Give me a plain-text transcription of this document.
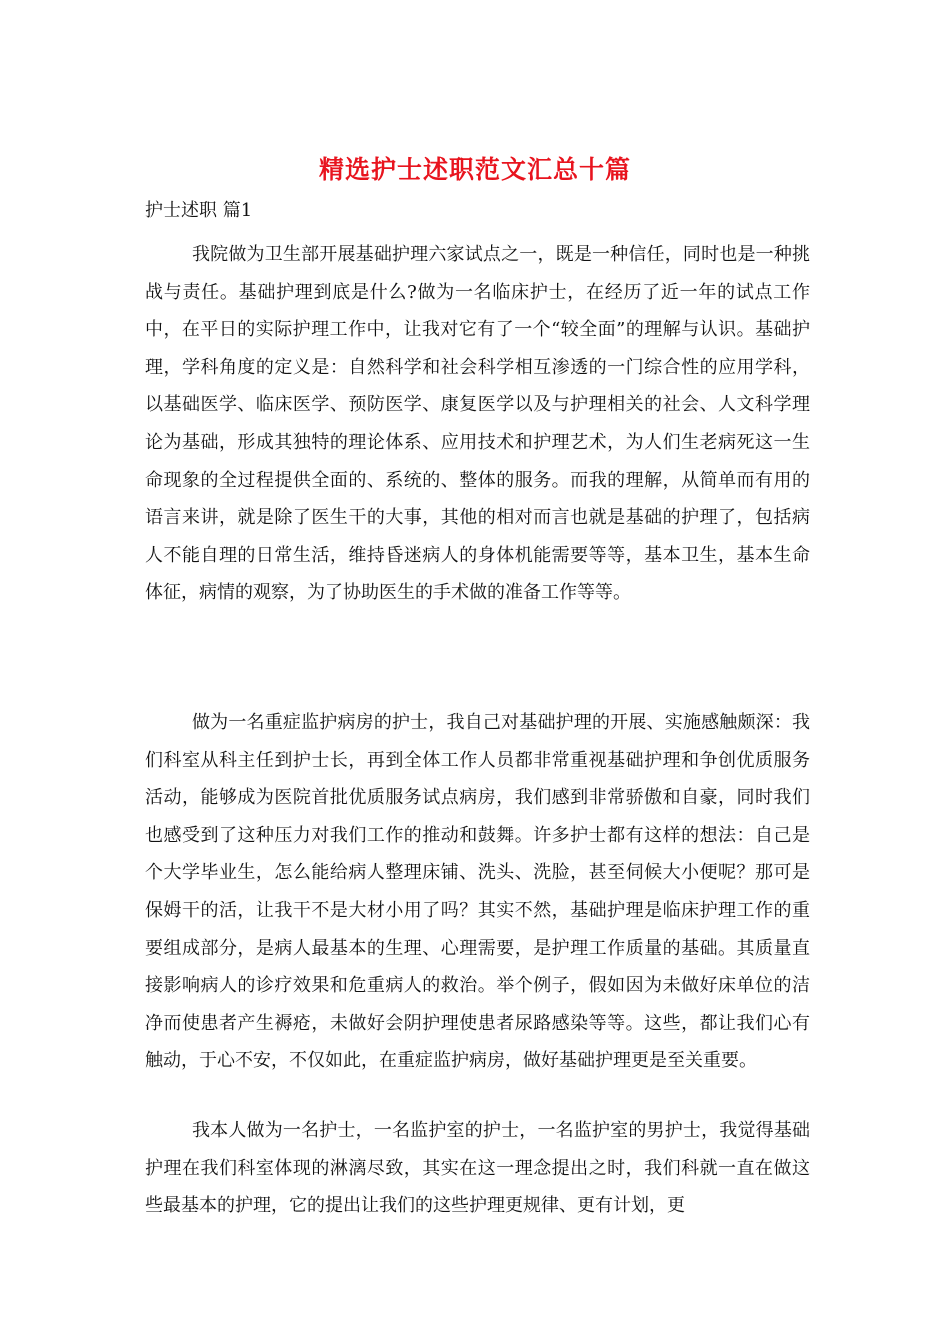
精选护士述职范文汇总十篇
护士述职 篇1

我院做为卫生部开展基础护理六家试点之一，既是一种信任，同时也是一种挑战与责任。基础护理到底是什么?做为一名临床护士，在经历了近一年的试点工作中，在平日的实际护理工作中，让我对它有了一个“较全面”的理解与认识。基础护理，学科角度的定义是：自然科学和社会科学相互渗透的一门综合性的应用学科，以基础医学、临床医学、预防医学、康复医学以及与护理相关的社会、人文科学理论为基础，形成其独特的理论体系、应用技术和护理艺术，为人们生老病死这一生命现象的全过程提供全面的、系统的、整体的服务。而我的理解，从简单而有用的语言来讲，就是除了医生干的大事，其他的相对而言也就是基础的护理了，包括病人不能自理的日常生活，维持昏迷病人的身体机能需要等等，基本卫生，基本生命体征，病情的观察，为了协助医生的手术做的准备工作等等。

做为一名重症监护病房的护士，我自己对基础护理的开展、实施感触颇深：我们科室从科主任到护士长，再到全体工作人员都非常重视基础护理和争创优质服务活动，能够成为医院首批优质服务试点病房，我们感到非常骄傲和自豪，同时我们也感受到了这种压力对我们工作的推动和鼓舞。许多护士都有这样的想法：自己是个大学毕业生，怎么能给病人整理床铺、洗头、洗脸，甚至伺候大小便呢？那可是保姆干的活，让我干不是大材小用了吗？其实不然，基础护理是临床护理工作的重要组成部分，是病人最基本的生理、心理需要，是护理工作质量的基础。其质量直接影响病人的诊疗效果和危重病人的救治。举个例子，假如因为未做好床单位的洁净而使患者产生褥疮，未做好会阴护理使患者尿路感染等等。这些，都让我们心有触动，于心不安，不仅如此，在重症监护病房，做好基础护理更是至关重要。

我本人做为一名护士，一名监护室的护士，一名监护室的男护士，我觉得基础护理在我们科室体现的淋漓尽致，其实在这一理念提出之时，我们科就一直在做这些最基本的护理，它的提出让我们的这些护理更规律、更有计划，更
